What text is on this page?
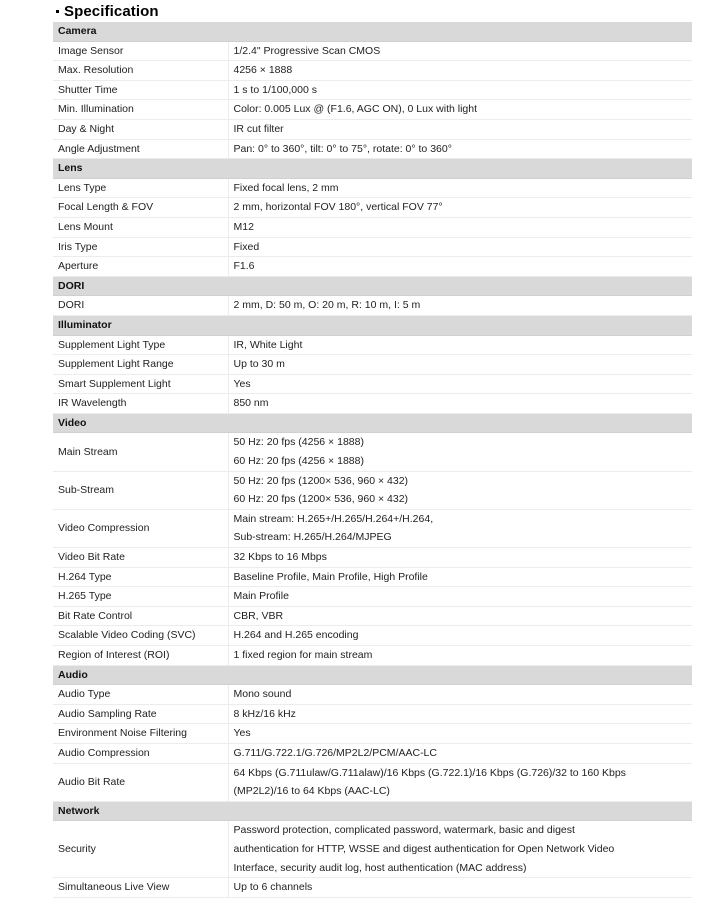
Specification
Camera	
Image Sensor	1/2.4" Progressive Scan CMOS

Max. Resolution	4256 × 1888

Shutter Time	1 s to 1/100,000 s

Min. Illumination	Color: 0.005 Lux @ (F1.6, AGC ON), 0 Lux with light

Day & Night	IR cut filter

Angle Adjustment	Pan: 0° to 360°, tilt: 0° to 75°, rotate: 0° to 360°

Lens	
Lens Type	Fixed focal lens, 2 mm

Focal Length & FOV	2 mm, horizontal FOV 180°, vertical FOV 77°

Lens Mount	M12

Iris Type	Fixed

Aperture	F1.6

DORI	
DORI	2 mm, D: 50 m, O: 20 m, R: 10 m, I: 5 m

Illuminator	
Supplement Light Type	IR, White Light

Supplement Light Range	Up to 30 m

Smart Supplement Light	Yes

IR Wavelength	850 nm

Video	
Main Stream	50 Hz: 20 fps (4256 × 1888)
60 Hz: 20 fps (4256 × 1888)

Sub-Stream	50 Hz: 20 fps (1200× 536, 960 × 432)
60 Hz: 20 fps (1200× 536, 960 × 432)

Video Compression	Main stream: H.265+/H.265/H.264+/H.264,
Sub-stream: H.265/H.264/MJPEG

Video Bit Rate	32 Kbps to 16 Mbps

H.264 Type	Baseline Profile, Main Profile, High Profile

H.265 Type	Main Profile

Bit Rate Control	CBR, VBR

Scalable Video Coding (SVC)	H.264 and H.265 encoding

Region of Interest (ROI)	1 fixed region for main stream

Audio	
Audio Type	Mono sound

Audio Sampling Rate	8 kHz/16 kHz

Environment Noise Filtering	Yes

Audio Compression	G.711/G.722.1/G.726/MP2L2/PCM/AAC-LC

Audio Bit Rate	64 Kbps (G.711ulaw/G.711alaw)/16 Kbps (G.722.1)/16 Kbps (G.726)/32 to 160 Kbps
(MP2L2)/16 to 64 Kbps (AAC-LC)

Network	
Security	Password protection, complicated password, watermark, basic and digest
authentication for HTTP, WSSE and digest authentication for Open Network Video
Interface, security audit log, host authentication (MAC address)

Simultaneous Live View	Up to 6 channels
